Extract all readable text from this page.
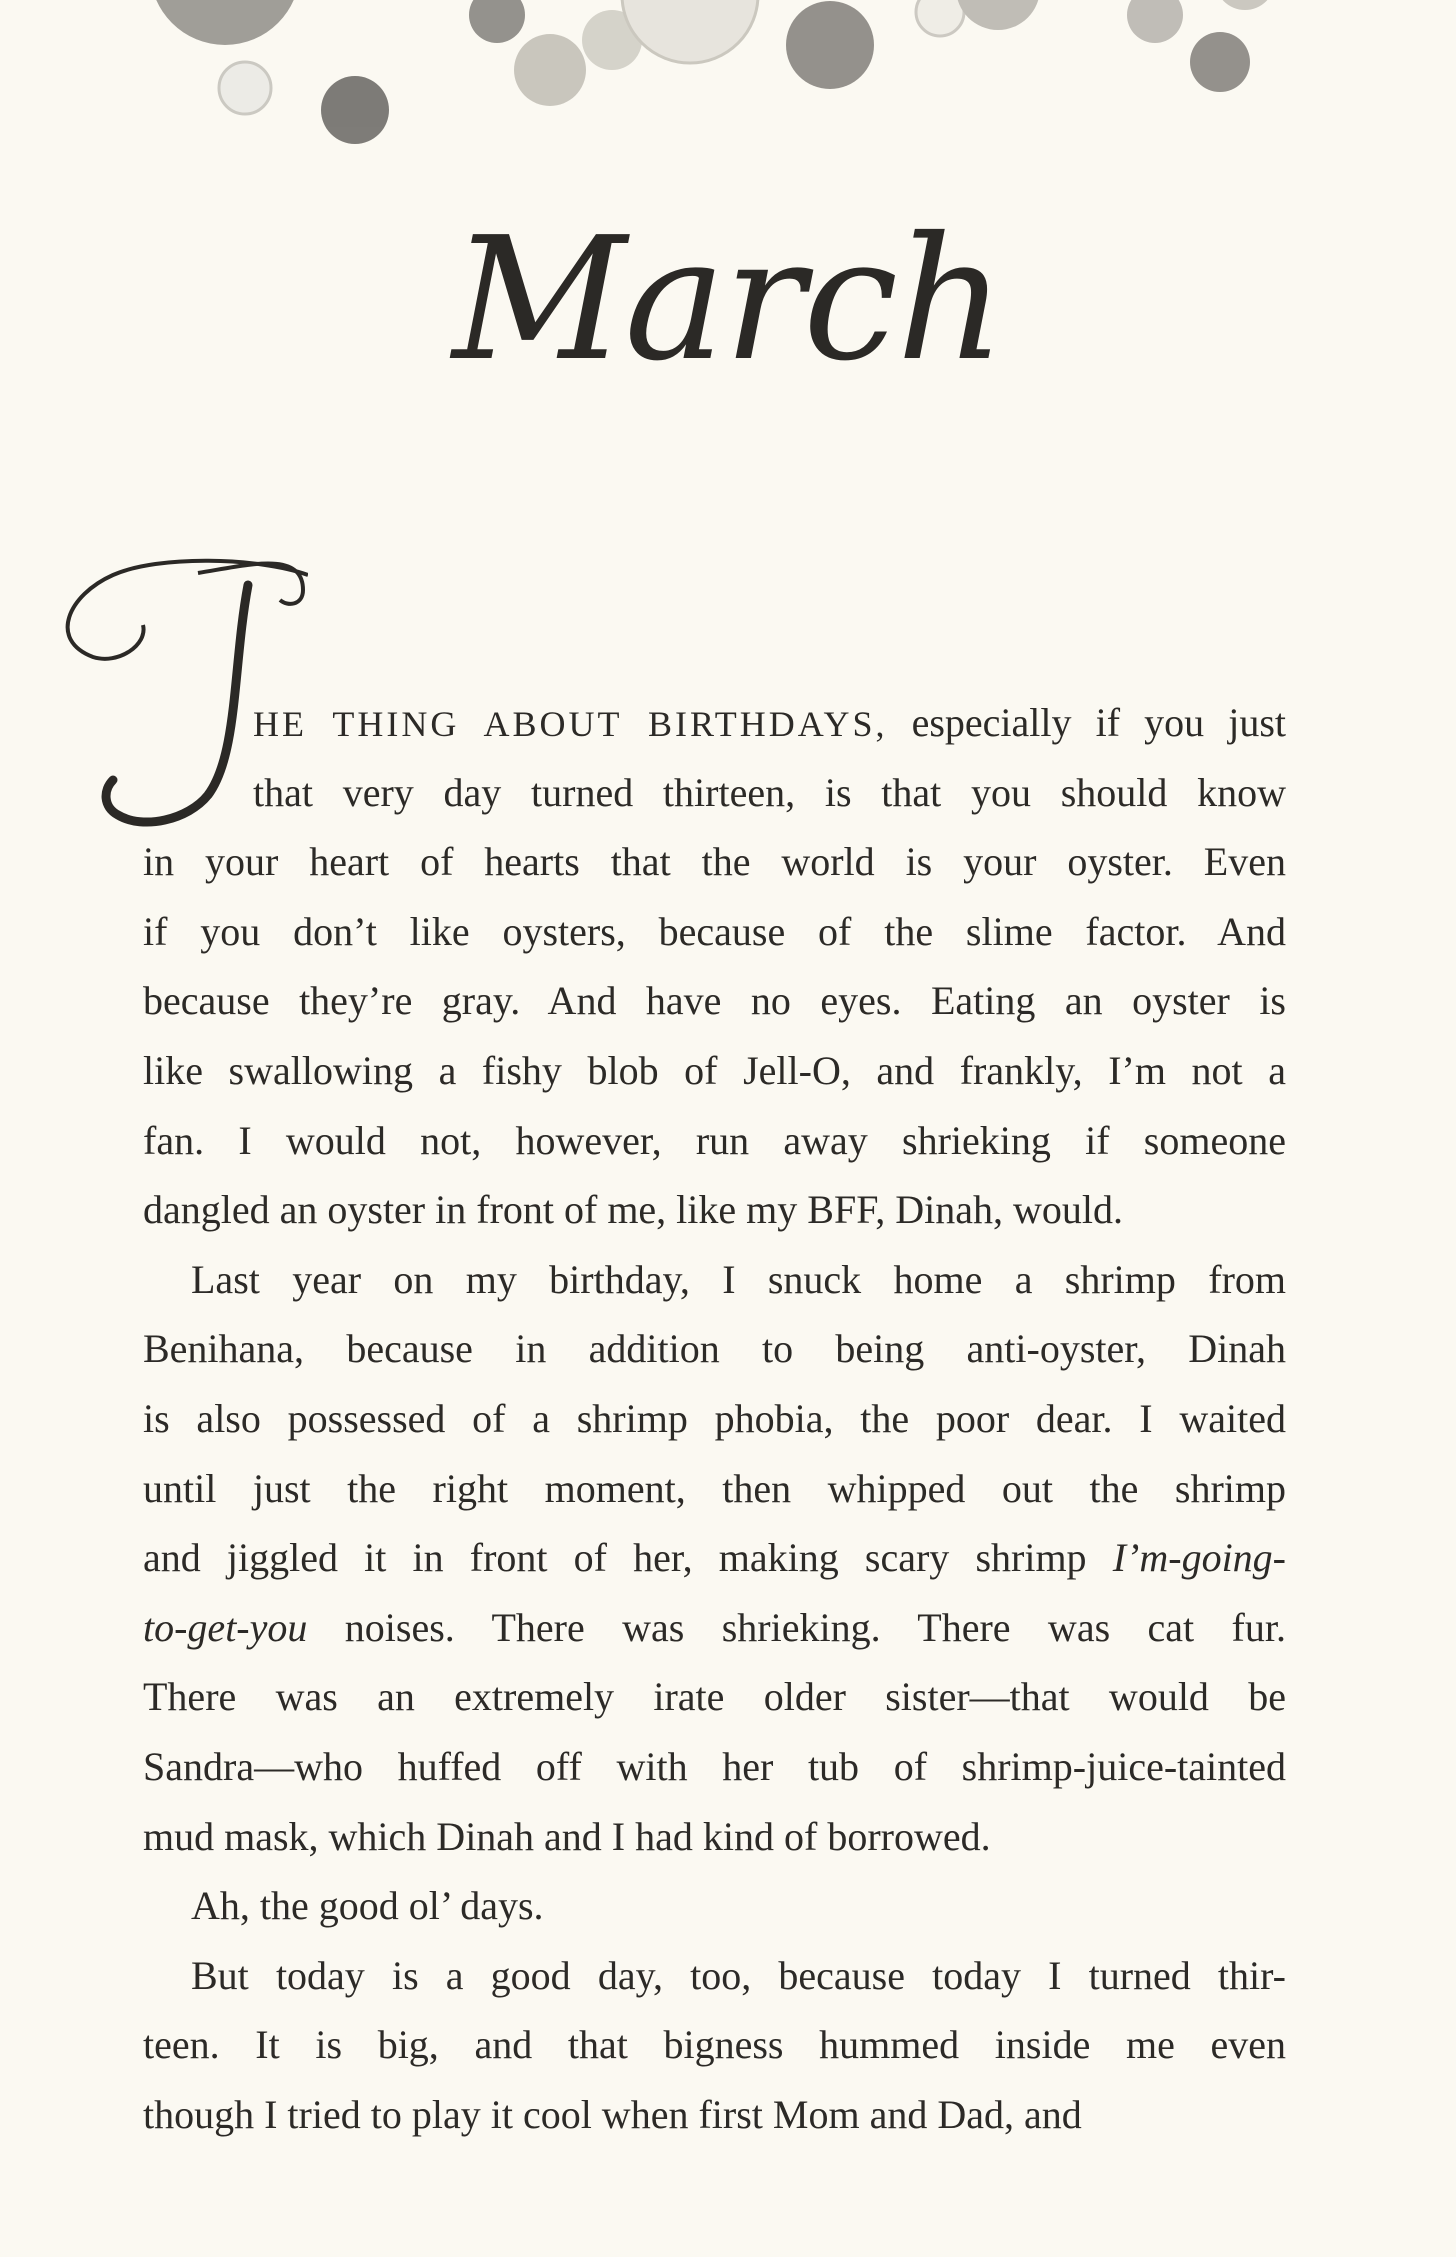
March
HE THING ABOUT BIRTHDAYS, especially if you just
that very day turned thirteen, is that you should know
in your heart of hearts that the world is your oyster. Even
if you don’t like oysters, because of the slime factor. And
because they’re gray. And have no eyes. Eating an oyster is
like swallowing a fishy blob of Jell-O, and frankly, I’m not a
fan. I would not, however, run away shrieking if someone
dangled an oyster in front of me, like my BFF, Dinah, would.
Last year on my birthday, I snuck home a shrimp from
Benihana, because in addition to being anti-oyster, Dinah
is also possessed of a shrimp phobia, the poor dear. I waited
until just the right moment, then whipped out the shrimp
and jiggled it in front of her, making scary shrimp I’m-going-
to-get-you noises. There was shrieking. There was cat fur.
There was an extremely irate older sister—that would be
Sandra—who huffed off with her tub of shrimp-juice-tainted
mud mask, which Dinah and I had kind of borrowed.
Ah, the good ol’ days.
But today is a good day, too, because today I turned thir-
teen. It is big, and that bigness hummed inside me even
though I tried to play it cool when first Mom and Dad, and
